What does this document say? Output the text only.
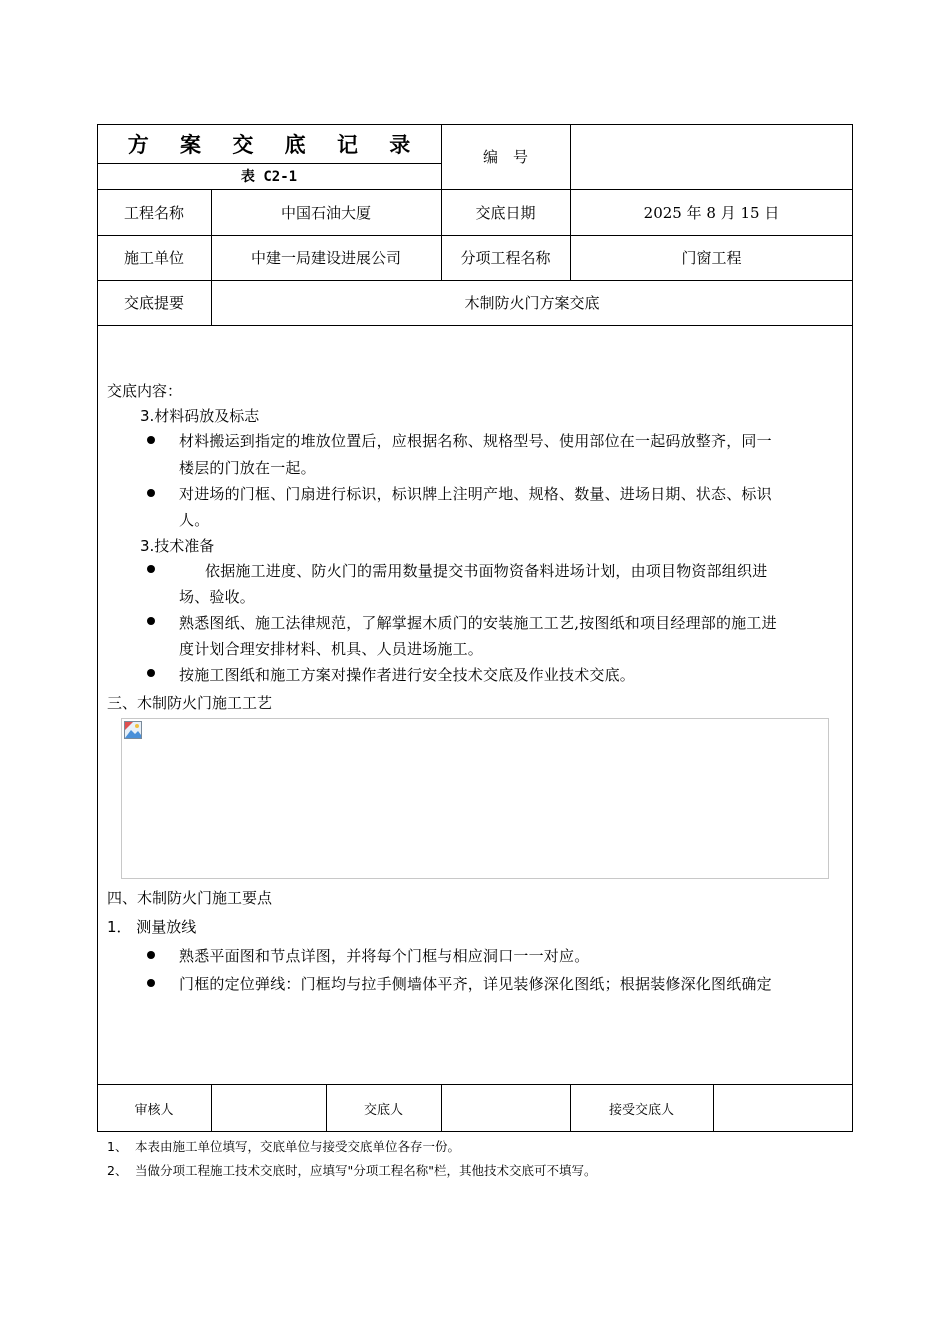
方 案 交 底 记 录
表 C2-1
编　号
工程名称	中国石油大厦	交底日期	2025 年 8 月 15 日
施工单位	中建一局建设进展公司	分项工程名称	门窗工程
交底提要	木制防火门方案交底
交底内容：
3.材料码放及标志
材料搬运到指定的堆放位置后，应根据名称、规格型号、使用部位在一起码放整齐，同一
楼层的门放在一起。
对进场的门框、门扇进行标识，标识牌上注明产地、规格、数量、进场日期、状态、标识
人。
3.技术准备
依据施工进度、防火门的需用数量提交书面物资备料进场计划，由项目物资部组织进
场、验收。
熟悉图纸、施工法律规范，了解掌握木质门的安装施工工艺,按图纸和项目经理部的施工进
度计划合理安排材料、机具、人员进场施工。
按施工图纸和施工方案对操作者进行安全技术交底及作业技术交底。
三、木制防火门施工工艺
四、木制防火门施工要点
1． 测量放线
熟悉平面图和节点详图，并将每个门框与相应洞口一一对应。
门框的定位弹线：门框均与拉手侧墙体平齐，详见装修深化图纸；根据装修深化图纸确定
审核人	交底人	接受交底人
1、 本表由施工单位填写，交底单位与接受交底单位各存一份。
2、 当做分项工程施工技术交底时，应填写"分项工程名称"栏，其他技术交底可不填写。
